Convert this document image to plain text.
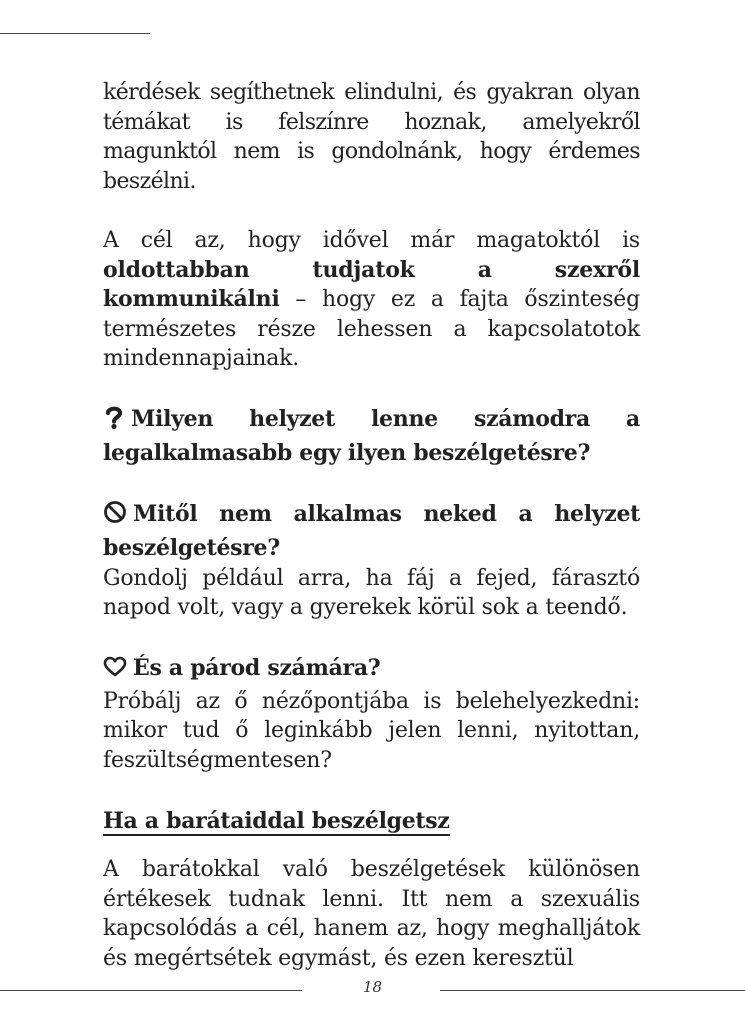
kérdések segíthetnek elindulni, és gyakran olyan témákat is felszínre hoznak, amelyekről magunktól nem is gondolnánk, hogy érdemes beszélni.

A cél az, hogy idővel már magatoktól is oldottabban tudjatok a szexről kommunikálni – hogy ez a fajta őszinteség természetes része lehessen a kapcsolatotok mindennapjainak.

Milyen helyzet lenne számodra a legalkalmasabb egy ilyen beszélgetésre?

Mitől nem alkalmas neked a helyzet beszélgetésre?

Gondolj például arra, ha fáj a fejed, fárasztó napod volt, vagy a gyerekek körül sok a teendő.

És a párod számára?

Próbálj az ő nézőpontjába is belehelyezkedni: mikor tud ő leginkább jelen lenni, nyitottan, feszültségmentesen?

Ha a barátaiddal beszélgetsz

A barátokkal való beszélgetések különösen értékesek tudnak lenni. Itt nem a szexuális kapcsolódás a cél, hanem az, hogy meghalljátok és megértsétek egymást, és ezen keresztül

18
